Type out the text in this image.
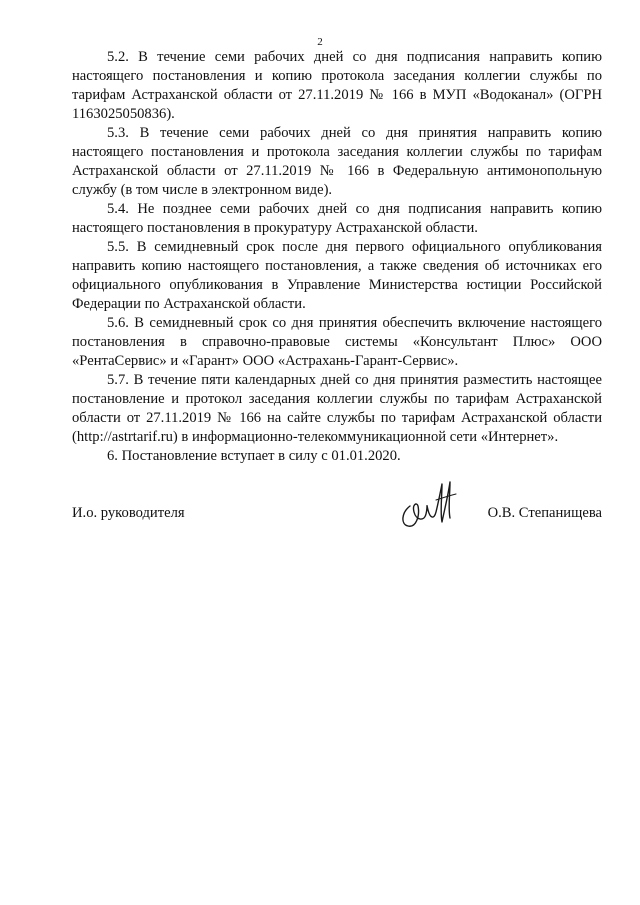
2

5.2. В течение семи рабочих дней со дня подписания направить копию настоящего постановления и копию протокола заседания коллегии службы по тарифам Астраханской области от 27.11.2019 № 166 в МУП «Водоканал» (ОГРН 1163025050836).

5.3. В течение семи рабочих дней со дня принятия направить копию настоящего постановления и протокола заседания коллегии службы по тарифам Астраханской области от 27.11.2019 № 166 в Федеральную антимонопольную службу (в том числе в электронном виде).

5.4. Не позднее семи рабочих дней со дня подписания направить копию настоящего постановления в прокуратуру Астраханской области.

5.5. В семидневный срок после дня первого официального опубликования направить копию настоящего постановления, а также сведения об источниках его официального опубликования в Управление Министерства юстиции Российской Федерации по Астраханской области.

5.6. В семидневный срок со дня принятия обеспечить включение настоящего постановления в справочно-правовые системы «Консультант Плюс» ООО «РентаСервис» и «Гарант» ООО «Астрахань-Гарант-Сервис».

5.7. В течение пяти календарных дней со дня принятия разместить настоящее постановление и протокол заседания коллегии службы по тарифам Астраханской области от 27.11.2019 № 166 на сайте службы по тарифам Астраханской области (http://astrtarif.ru) в информационно-телекоммуникационной сети «Интернет».

6. Постановление вступает в силу с 01.01.2020.

И.о. руководителя	О.В. Степанищева
